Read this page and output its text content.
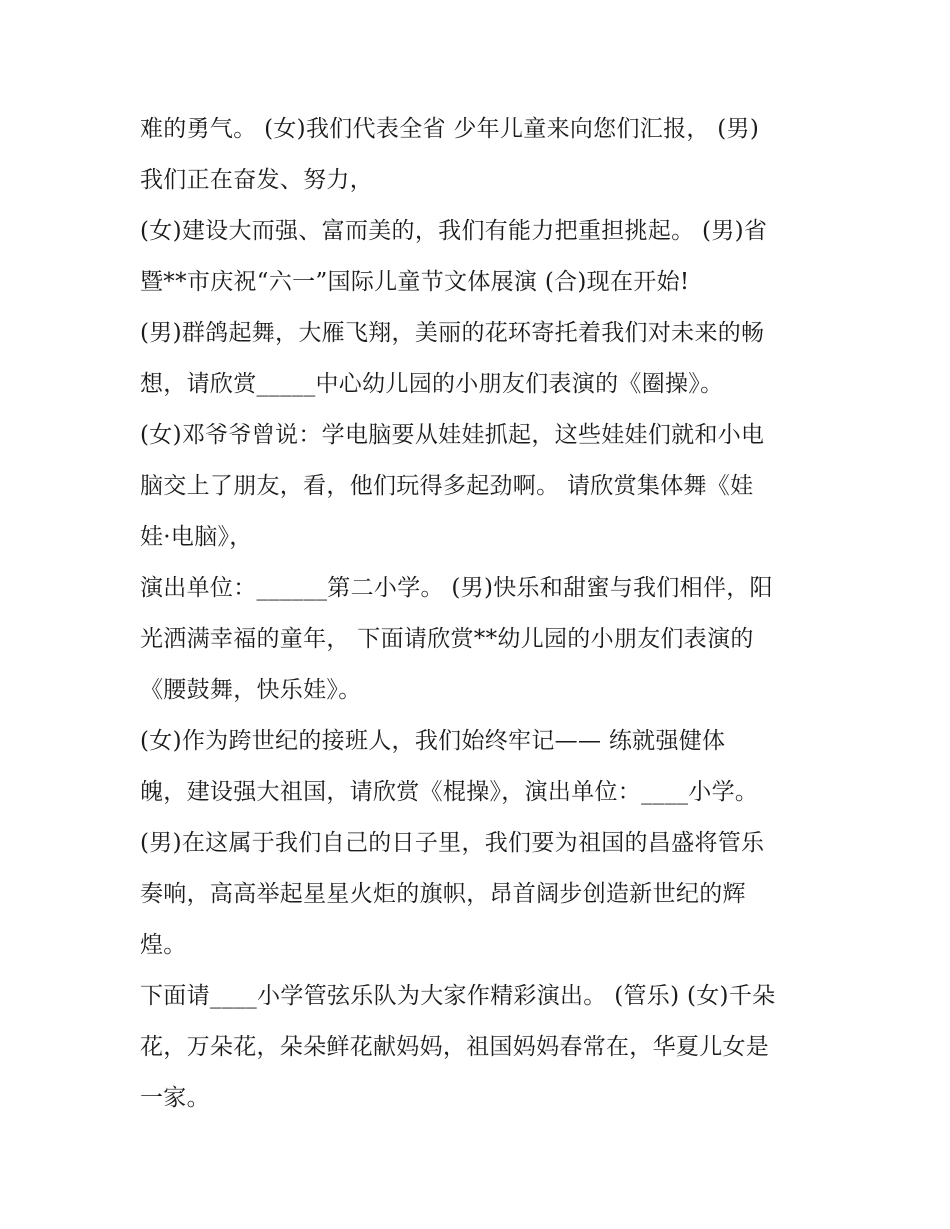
难的勇气。 (女)我们代表全省 少年儿童来向您们汇报， (男)
我们正在奋发、努力，
(女)建设大而强、富而美的，我们有能力把重担挑起。 (男)省
暨**市庆祝“六一”国际儿童节文体展演 (合)现在开始!
(男)群鸽起舞，大雁飞翔，美丽的花环寄托着我们对未来的畅
想，请欣赏_____中心幼儿园的小朋友们表演的《圈操》。
(女)邓爷爷曾说：学电脑要从娃娃抓起，这些娃娃们就和小电
脑交上了朋友，看，他们玩得多起劲啊。 请欣赏集体舞《娃
娃·电脑》，
演出单位：______第二小学。 (男)快乐和甜蜜与我们相伴，阳
光洒满幸福的童年， 下面请欣赏**幼儿园的小朋友们表演的
《腰鼓舞，快乐娃》。
(女)作为跨世纪的接班人，我们始终牢记—— 练就强健体
魄，建设强大祖国，请欣赏《棍操》，演出单位：____小学。
(男)在这属于我们自己的日子里，我们要为祖国的昌盛将管乐
奏响，高高举起星星火炬的旗帜，昂首阔步创造新世纪的辉
煌。
下面请____小学管弦乐队为大家作精彩演出。 (管乐) (女)千朵
花，万朵花，朵朵鲜花献妈妈，祖国妈妈春常在，华夏儿女是
一家。
